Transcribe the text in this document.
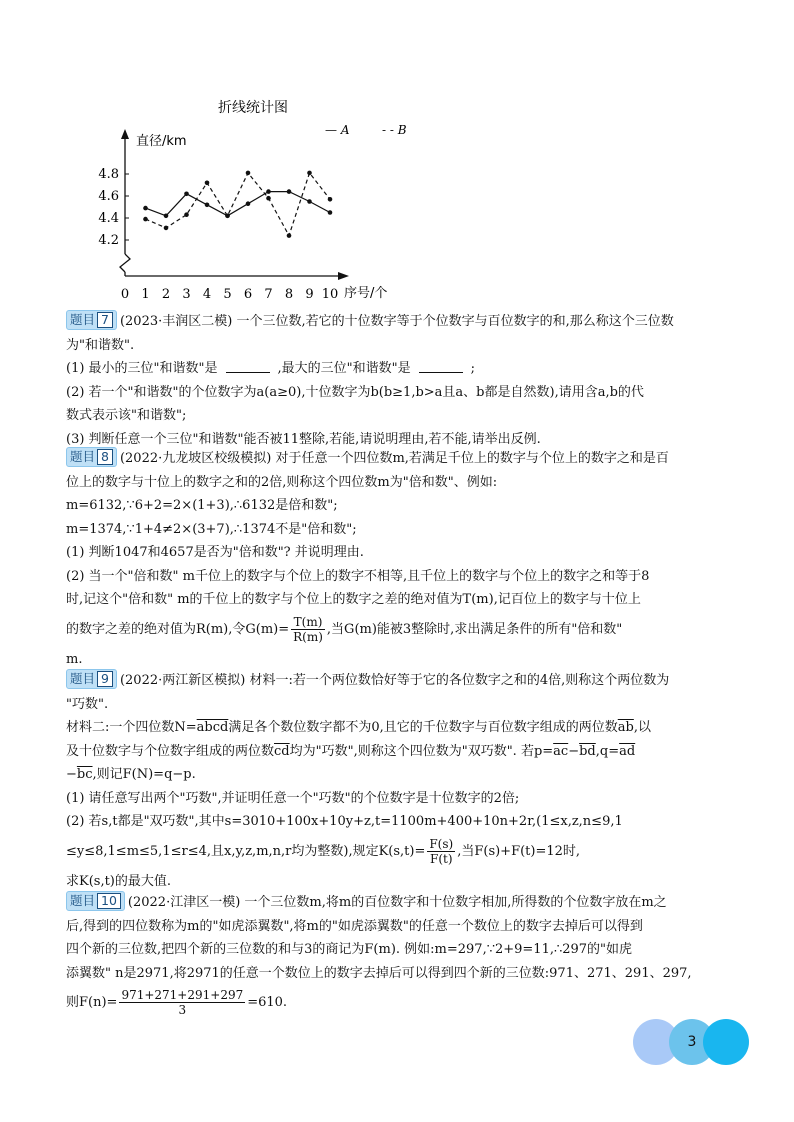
折线统计图
直径/km
序号/个
— A	- - B
0 1 2 3 4 5 6 7 8 9 10
4.2
4.4
4.6
4.8

题目 7 (2023·丰润区二模) 一个三位数,若它的十位数字等于个位数字与百位数字的和,那么称这个三位数

为"和谐数".

(1) 最小的三位"和谐数"是	,最大的三位"和谐数"是	;

(2) 若一个"和谐数"的个位数字为a(a≥0),十位数字为b(b≥1,b>a且a、b都是自然数),请用含a,b的代

数式表示该"和谐数";

(3) 判断任意一个三位"和谐数"能否被11整除,若能,请说明理由,若不能,请举出反例.

题目 8 (2022·九龙坡区校级模拟) 对于任意一个四位数m,若满足千位上的数字与个位上的数字之和是百

位上的数字与十位上的数字之和的2倍,则称这个四位数m为"倍和数"、例如:

m=6132,∵6+2=2×(1+3),∴6132是倍和数";

m=1374,∵1+4≠2×(3+7),∴1374不是"倍和数";

(1) 判断1047和4657是否为"倍和数"? 并说明理由.

(2) 当一个"倍和数" m千位上的数字与个位上的数字不相等,且千位上的数字与个位上的数字之和等于8

时,记这个"倍和数" m的千位上的数字与个位上的数字之差的绝对值为T(m),记百位上的数字与十位上

的数字之差的绝对值为R(m),令$G(m)= \frac{T(m)}{R(m)}$ ,当G(m)能被3整除时,求出满足条件的所有"倍和数"

m.

题目 9 (2022·两江新区模拟) 材料一:若一个两位数恰好等于它的各位数字之和的4倍,则称这个两位数为

"巧数".

材料二:一个四位数N=abcd满足各个数位数字都不为0,且它的千位数字与百位数字组成的两位数$\overline{ab}$,以

及十位数字与个位数字组成的两位数$\overline{cd}$均为"巧数",则称这个四位数为"双巧数". 若$p=\overline{ac}-\overline{bd},q=\overline{ad}$

$-\overline{bc}$,则记F(N)=q−p.

(1) 请任意写出两个"巧数",并证明任意一个"巧数"的个位数字是十位数字的2倍;

(2) 若s,t都是"双巧数",其中s=3010+100x+10y+z,t=1100m+400+10n+2r,(1≤x,z,n≤9,1

≤y≤8,1≤m≤5,1≤r≤4,且x,y,z,m,n,r均为整数),规定$K(s,t)= \frac{F(s)}{F(t)}$ ,当F(s)+F(t)=12时,

求K(s,t)的最大值.

题目 10 (2022·江津区一模) 一个三位数m,将m的百位数字和十位数字相加,所得数的个位数字放在m之

后,得到的四位数称为m的"如虎添翼数",将m的"如虎添翼数"的任意一个数位上的数字去掉后可以得到

四个新的三位数,把四个新的三位数的和与3的商记为F(m). 例如:m=297,∵2+9=11,∴297的"如虎

添翼数" n是2971,将2971的任意一个数位上的数字去掉后可以得到四个新的三位数:971、271、291、297,

则$F(n)= \frac{971+271+291+297}{3} =610$.

3
